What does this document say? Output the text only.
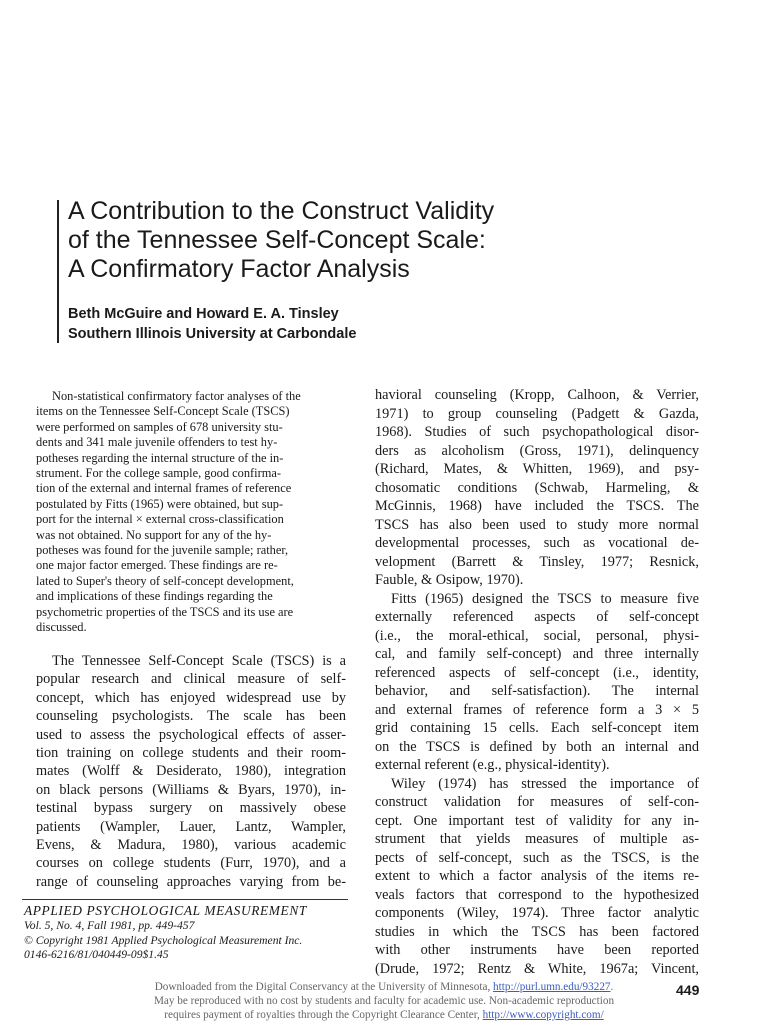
A Contribution to the Construct Validity
of the Tennessee Self-Concept Scale:
A Confirmatory Factor Analysis
Beth McGuire and Howard E. A. Tinsley
Southern Illinois University at Carbondale
Non-statistical confirmatory factor analyses of the
items on the Tennessee Self-Concept Scale (TSCS)
were performed on samples of 678 university stu-
dents and 341 male juvenile offenders to test hy-
potheses regarding the internal structure of the in-
strument. For the college sample, good confirma-
tion of the external and internal frames of reference
postulated by Fitts (1965) were obtained, but sup-
port for the internal × external cross-classification
was not obtained. No support for any of the hy-
potheses was found for the juvenile sample; rather,
one major factor emerged. These findings are re-
lated to Super's theory of self-concept development,
and implications of these findings regarding the
psychometric properties of the TSCS and its use are
discussed.
The Tennessee Self-Concept Scale (TSCS) is a
popular research and clinical measure of self-
concept, which has enjoyed widespread use by
counseling psychologists. The scale has been
used to assess the psychological effects of asser-
tion training on college students and their room-
mates (Wolff & Desiderato, 1980), integration
on black persons (Williams & Byars, 1970), in-
testinal bypass surgery on massively obese
patients (Wampler, Lauer, Lantz, Wampler,
Evens, & Madura, 1980), various academic
courses on college students (Furr, 1970), and a
range of counseling approaches varying from be-
havioral counseling (Kropp, Calhoon, & Verrier,
1971) to group counseling (Padgett & Gazda,
1968). Studies of such psychopathological disor-
ders as alcoholism (Gross, 1971), delinquency
(Richard, Mates, & Whitten, 1969), and psy-
chosomatic conditions (Schwab, Harmeling, &
McGinnis, 1968) have included the TSCS. The
TSCS has also been used to study more normal
developmental processes, such as vocational de-
velopment (Barrett & Tinsley, 1977; Resnick,
Fauble, & Osipow, 1970).
Fitts (1965) designed the TSCS to measure five
externally referenced aspects of self-concept
(i.e., the moral-ethical, social, personal, physi-
cal, and family self-concept) and three internally
referenced aspects of self-concept (i.e., identity,
behavior, and self-satisfaction). The internal
and external frames of reference form a 3 × 5
grid containing 15 cells. Each self-concept item
on the TSCS is defined by both an internal and
external referent (e.g., physical-identity).
Wiley (1974) has stressed the importance of
construct validation for measures of self-con-
cept. One important test of validity for any in-
strument that yields measures of multiple as-
pects of self-concept, such as the TSCS, is the
extent to which a factor analysis of the items re-
veals factors that correspond to the hypothesized
components (Wiley, 1974). Three factor analytic
studies in which the TSCS has been factored
with other instruments have been reported
(Drude, 1972; Rentz & White, 1967a; Vincent,
APPLIED PSYCHOLOGICAL MEASUREMENT
Vol. 5, No. 4, Fall 1981, pp. 449-457
© Copyright 1981 Applied Psychological Measurement Inc.
0146-6216/81/040449-09$1.45
Downloaded from the Digital Conservancy at the University of Minnesota, http://purl.umn.edu/93227.
May be reproduced with no cost by students and faculty for academic use. Non-academic reproduction
requires payment of royalties through the Copyright Clearance Center, http://www.copyright.com/
449
